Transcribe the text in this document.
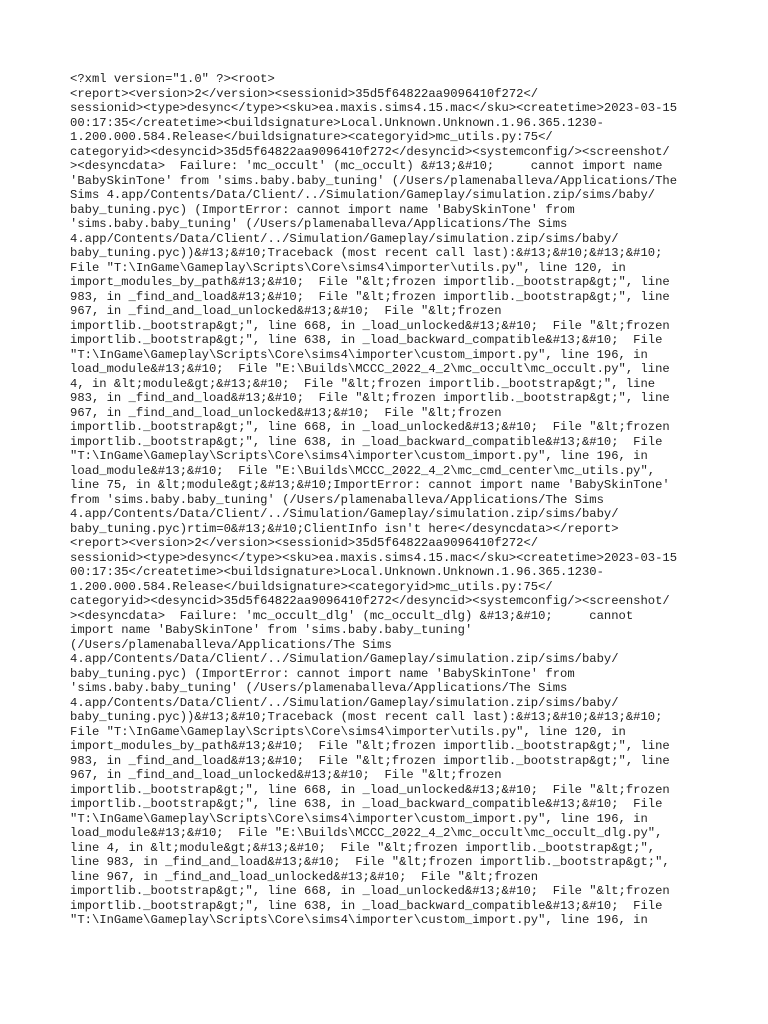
<?xml version="1.0" ?><root>
<report><version>2</version><sessionid>35d5f64822aa9096410f272</
sessionid><type>desync</type><sku>ea.maxis.sims4.15.mac</sku><createtime>2023-03-15
00:17:35</createtime><buildsignature>Local.Unknown.Unknown.1.96.365.1230-
1.200.000.584.Release</buildsignature><categoryid>mc_utils.py:75</
categoryid><desyncid>35d5f64822aa9096410f272</desyncid><systemconfig/><screenshot/
><desyncdata>  Failure: 'mc_occult' (mc_occult) &#13;&#10;     cannot import name
'BabySkinTone' from 'sims.baby.baby_tuning' (/Users/plamenaballeva/Applications/The
Sims 4.app/Contents/Data/Client/../Simulation/Gameplay/simulation.zip/sims/baby/
baby_tuning.pyc) (ImportError: cannot import name 'BabySkinTone' from
'sims.baby.baby_tuning' (/Users/plamenaballeva/Applications/The Sims
4.app/Contents/Data/Client/../Simulation/Gameplay/simulation.zip/sims/baby/
baby_tuning.pyc))&#13;&#10;Traceback (most recent call last):&#13;&#10;&#13;&#10;
File "T:\InGame\Gameplay\Scripts\Core\sims4\importer\utils.py", line 120, in
import_modules_by_path&#13;&#10;  File "&lt;frozen importlib._bootstrap&gt;", line
983, in _find_and_load&#13;&#10;  File "&lt;frozen importlib._bootstrap&gt;", line
967, in _find_and_load_unlocked&#13;&#10;  File "&lt;frozen
importlib._bootstrap&gt;", line 668, in _load_unlocked&#13;&#10;  File "&lt;frozen
importlib._bootstrap&gt;", line 638, in _load_backward_compatible&#13;&#10;  File
"T:\InGame\Gameplay\Scripts\Core\sims4\importer\custom_import.py", line 196, in
load_module&#13;&#10;  File "E:\Builds\MCCC_2022_4_2\mc_occult\mc_occult.py", line
4, in &lt;module&gt;&#13;&#10;  File "&lt;frozen importlib._bootstrap&gt;", line
983, in _find_and_load&#13;&#10;  File "&lt;frozen importlib._bootstrap&gt;", line
967, in _find_and_load_unlocked&#13;&#10;  File "&lt;frozen
importlib._bootstrap&gt;", line 668, in _load_unlocked&#13;&#10;  File "&lt;frozen
importlib._bootstrap&gt;", line 638, in _load_backward_compatible&#13;&#10;  File
"T:\InGame\Gameplay\Scripts\Core\sims4\importer\custom_import.py", line 196, in
load_module&#13;&#10;  File "E:\Builds\MCCC_2022_4_2\mc_cmd_center\mc_utils.py",
line 75, in &lt;module&gt;&#13;&#10;ImportError: cannot import name 'BabySkinTone'
from 'sims.baby.baby_tuning' (/Users/plamenaballeva/Applications/The Sims
4.app/Contents/Data/Client/../Simulation/Gameplay/simulation.zip/sims/baby/
baby_tuning.pyc)rtim=0&#13;&#10;ClientInfo isn't here</desyncdata></report>
<report><version>2</version><sessionid>35d5f64822aa9096410f272</
sessionid><type>desync</type><sku>ea.maxis.sims4.15.mac</sku><createtime>2023-03-15
00:17:35</createtime><buildsignature>Local.Unknown.Unknown.1.96.365.1230-
1.200.000.584.Release</buildsignature><categoryid>mc_utils.py:75</
categoryid><desyncid>35d5f64822aa9096410f272</desyncid><systemconfig/><screenshot/
><desyncdata>  Failure: 'mc_occult_dlg' (mc_occult_dlg) &#13;&#10;     cannot
import name 'BabySkinTone' from 'sims.baby.baby_tuning'
(/Users/plamenaballeva/Applications/The Sims
4.app/Contents/Data/Client/../Simulation/Gameplay/simulation.zip/sims/baby/
baby_tuning.pyc) (ImportError: cannot import name 'BabySkinTone' from
'sims.baby.baby_tuning' (/Users/plamenaballeva/Applications/The Sims
4.app/Contents/Data/Client/../Simulation/Gameplay/simulation.zip/sims/baby/
baby_tuning.pyc))&#13;&#10;Traceback (most recent call last):&#13;&#10;&#13;&#10;
File "T:\InGame\Gameplay\Scripts\Core\sims4\importer\utils.py", line 120, in
import_modules_by_path&#13;&#10;  File "&lt;frozen importlib._bootstrap&gt;", line
983, in _find_and_load&#13;&#10;  File "&lt;frozen importlib._bootstrap&gt;", line
967, in _find_and_load_unlocked&#13;&#10;  File "&lt;frozen
importlib._bootstrap&gt;", line 668, in _load_unlocked&#13;&#10;  File "&lt;frozen
importlib._bootstrap&gt;", line 638, in _load_backward_compatible&#13;&#10;  File
"T:\InGame\Gameplay\Scripts\Core\sims4\importer\custom_import.py", line 196, in
load_module&#13;&#10;  File "E:\Builds\MCCC_2022_4_2\mc_occult\mc_occult_dlg.py",
line 4, in &lt;module&gt;&#13;&#10;  File "&lt;frozen importlib._bootstrap&gt;",
line 983, in _find_and_load&#13;&#10;  File "&lt;frozen importlib._bootstrap&gt;",
line 967, in _find_and_load_unlocked&#13;&#10;  File "&lt;frozen
importlib._bootstrap&gt;", line 668, in _load_unlocked&#13;&#10;  File "&lt;frozen
importlib._bootstrap&gt;", line 638, in _load_backward_compatible&#13;&#10;  File
"T:\InGame\Gameplay\Scripts\Core\sims4\importer\custom_import.py", line 196, in
